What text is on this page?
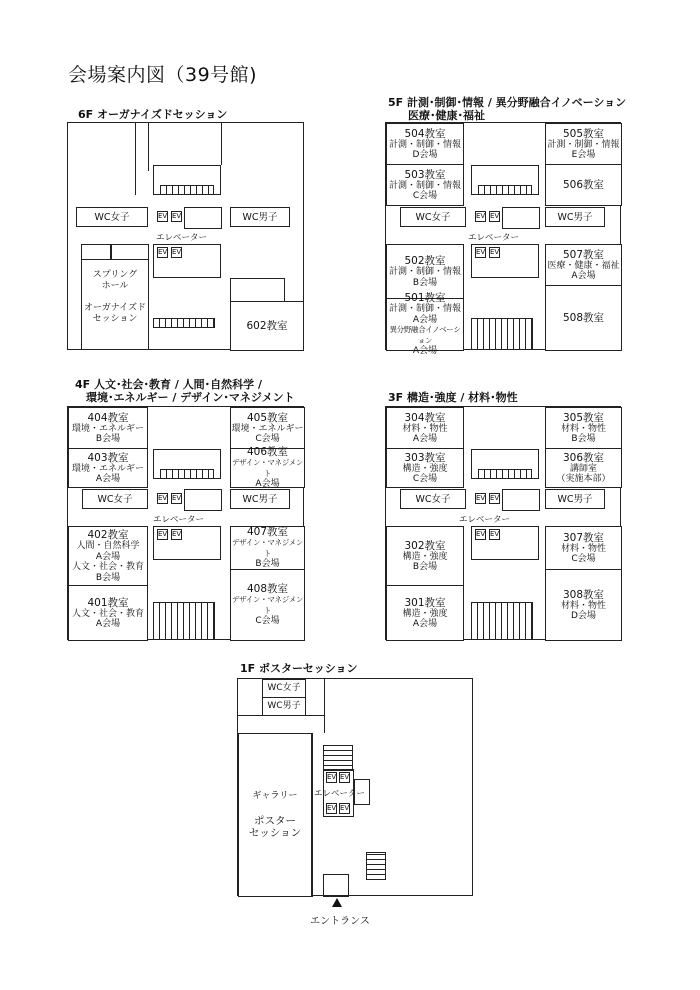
会場案内図（39号館)
6F オーガナイズドセッション
WC女子	EV EV	WC男子
エレベーター
EV EV
スプリング
ホール
オーガナイズド
セッション
602教室
5F 計測･制御･情報 / 異分野融合イノベーション
医療･健康･福祉
504教室
計測・制御・情報
D会場
503教室
計測・制御・情報
C会場
505教室
計測・制御・情報
E会場
506教室
WC女子	EV EV	WC男子
エレベーター
EV EV
502教室
計測・制御・情報
B会場
501教室
計測・制御・情報
A会場
異分野融合イノベーション
A会場
507教室
医療・健康・福祉
A会場
508教室
4F 人文･社会･教育 / 人間･自然科学 /
環境･エネルギー / デザイン･マネジメント
404教室
環境・エネルギー
B会場
403教室
環境・エネルギー
A会場
405教室
環境・エネルギー
C会場
406教室
デザイン・マネジメント
A会場
WC女子	EV EV	WC男子
エレベーター
EV EV
402教室
人間・自然科学
A会場
人文・社会・教育
B会場
401教室
人文・社会・教育
A会場
407教室
デザイン・マネジメント
B会場
408教室
デザイン・マネジメント
C会場
3F 構造･強度 / 材料･物性
304教室
材料・物性
A会場
303教室
構造・強度
C会場
305教室
材料・物性
B会場
306教室
講師室
（実施本部）
WC女子	EV EV	WC男子
エレベーター
EV EV
302教室
構造・強度
B会場
301教室
構造・強度
A会場
307教室
材料・物性
C会場
308教室
材料・物性
D会場
1F ポスターセッション
WC女子
WC男子
ギャラリー
ポスター
セッション
EV EV
エレベーター
EV EV
エントランス
